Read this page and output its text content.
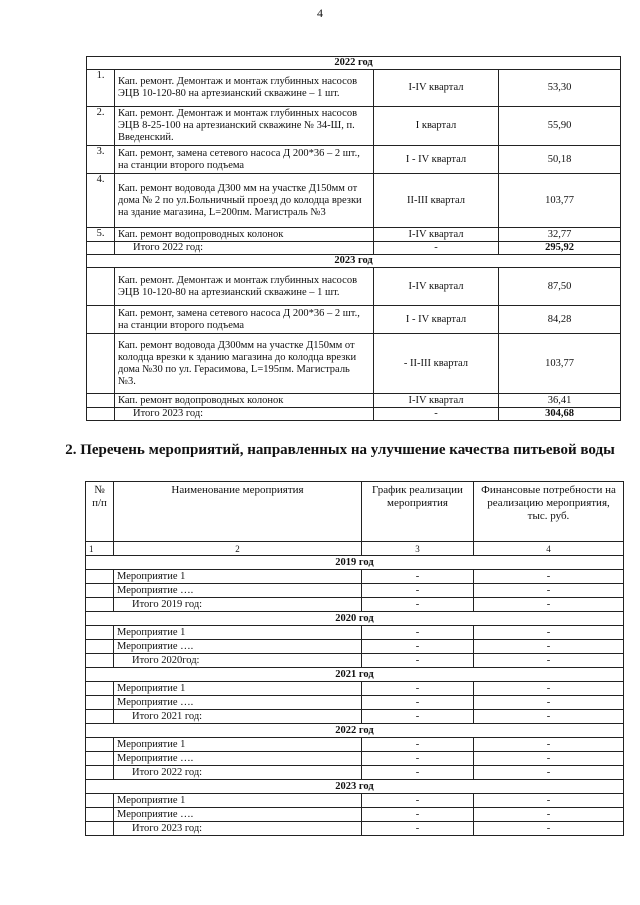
4
2022 год			
1.	Кап. ремонт. Демонтаж и монтаж глубинных насосов ЭЦВ 10-120-80 на артезианский скважине – 1 шт.	I-IV квартал	53,30
2.	Кап. ремонт. Демонтаж и монтаж глубинных насосов ЭЦВ 8-25-100 на артезианский скважине № 34-Ш, п. Введенский.	I квартал	55,90
3.	Кап. ремонт, замена сетевого насоса Д 200*36 – 2 шт., на станции второго подъема	I - IV квартал	50,18
4.	Кап. ремонт водовода Д300 мм на участке Д150мм от дома № 2 по ул.Больничный проезд до колодца врезки на здание магазина, L=200пм. Магистраль №3	II-III квартал	103,77
5.	Кап. ремонт водопроводных колонок	I-IV квартал	32,77
	Итого 2022 год:	-	295,92
2023 год			
	Кап. ремонт. Демонтаж и монтаж глубинных насосов ЭЦВ 10-120-80 на артезианский скважине – 1 шт.	I-IV квартал	87,50
	Кап. ремонт, замена сетевого насоса Д 200*36 – 2 шт., на станции второго подъема	I - IV квартал	84,28
	Кап. ремонт водовода Д300мм на участке Д150мм от колодца врезки к зданию магазина до колодца врезки дома №30 по ул. Герасимова, L=195пм. Магистраль №3.	- II-III квартал	103,77
	Кап. ремонт водопроводных колонок	I-IV квартал	36,41
	Итого 2023 год:	-	304,68
2. Перечень мероприятий, направленных на улучшение качества питьевой воды
№ п/п	Наименование мероприятия	График реализации мероприятия	Финансовые потребности на реализацию мероприятия, тыс. руб.
1	2	3	4
2019 год			
	Мероприятие 1	-	-
	Мероприятие ….	-	-
	Итого 2019 год:	-	-
2020 год			
	Мероприятие 1	-	-
	Мероприятие ….	-	-
	Итого 2020год:	-	-
2021 год			
	Мероприятие 1	-	-
	Мероприятие ….	-	-
	Итого 2021 год:	-	-
2022 год			
	Мероприятие 1	-	-
	Мероприятие ….	-	-
	Итого 2022 год:	-	-
2023 год			
	Мероприятие 1	-	-
	Мероприятие ….	-	-
	Итого 2023 год:	-	-
